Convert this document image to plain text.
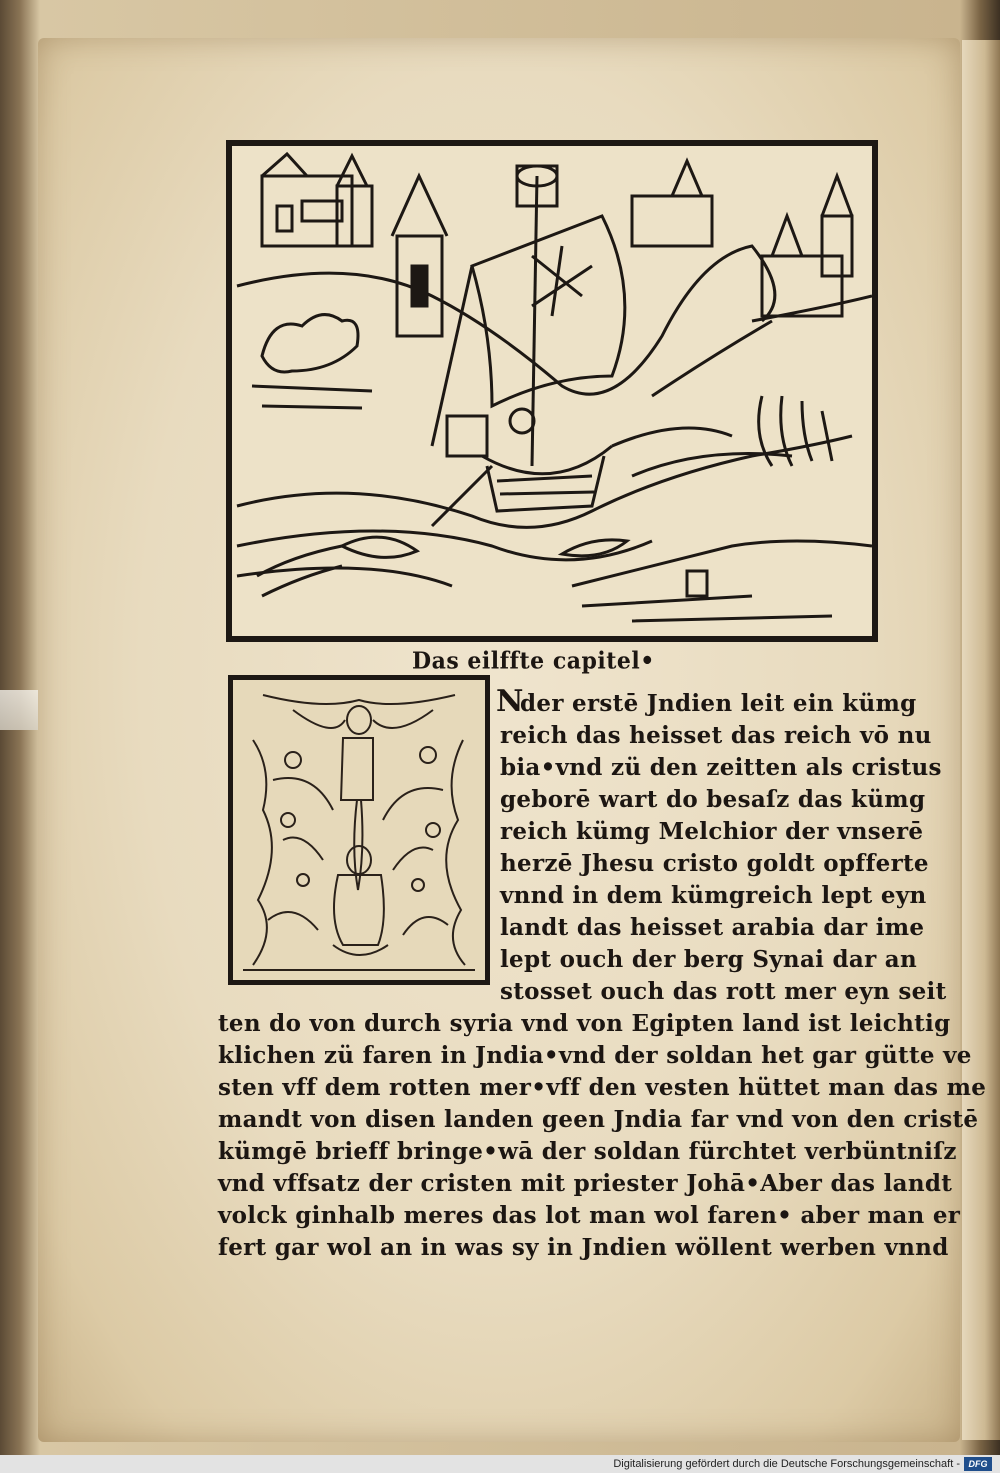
Das eilffte capitel•
N
der erstē Jndien leit ein kümg
reich das heisset das reich vō nu
bia•vnd zü den zeitten als cristus
geborē wart do besaſz das kümg
reich kümg Melchior der vnserē
herzē Jhesu cristo goldt opfferte
vnnd in dem kümgreich lept eyn
landt das heisset arabia dar ime
lept ouch der berg Synai dar an
stosset ouch das rott mer eyn seit
ten do von durch syria vnd von Egipten land ist leichtig
klichen zü faren in Jndia•vnd der soldan het gar gütte ve
sten vff dem rotten mer•vff den vesten hüttet man das me
mandt von disen landen geen Jndia far vnd von den cristē
kümgē brieff bringe•wā der soldan fürchtet verbüntniſz
vnd vffsatz der cristen mit priester Johā•Aber das landt
volck ginhalb meres das lot man wol faren• aber man er
fert gar wol an in was sy in Jndien wöllent werben vnnd
Digitalisierung gefördert durch die Deutsche Forschungsgemeinschaft - DFG
